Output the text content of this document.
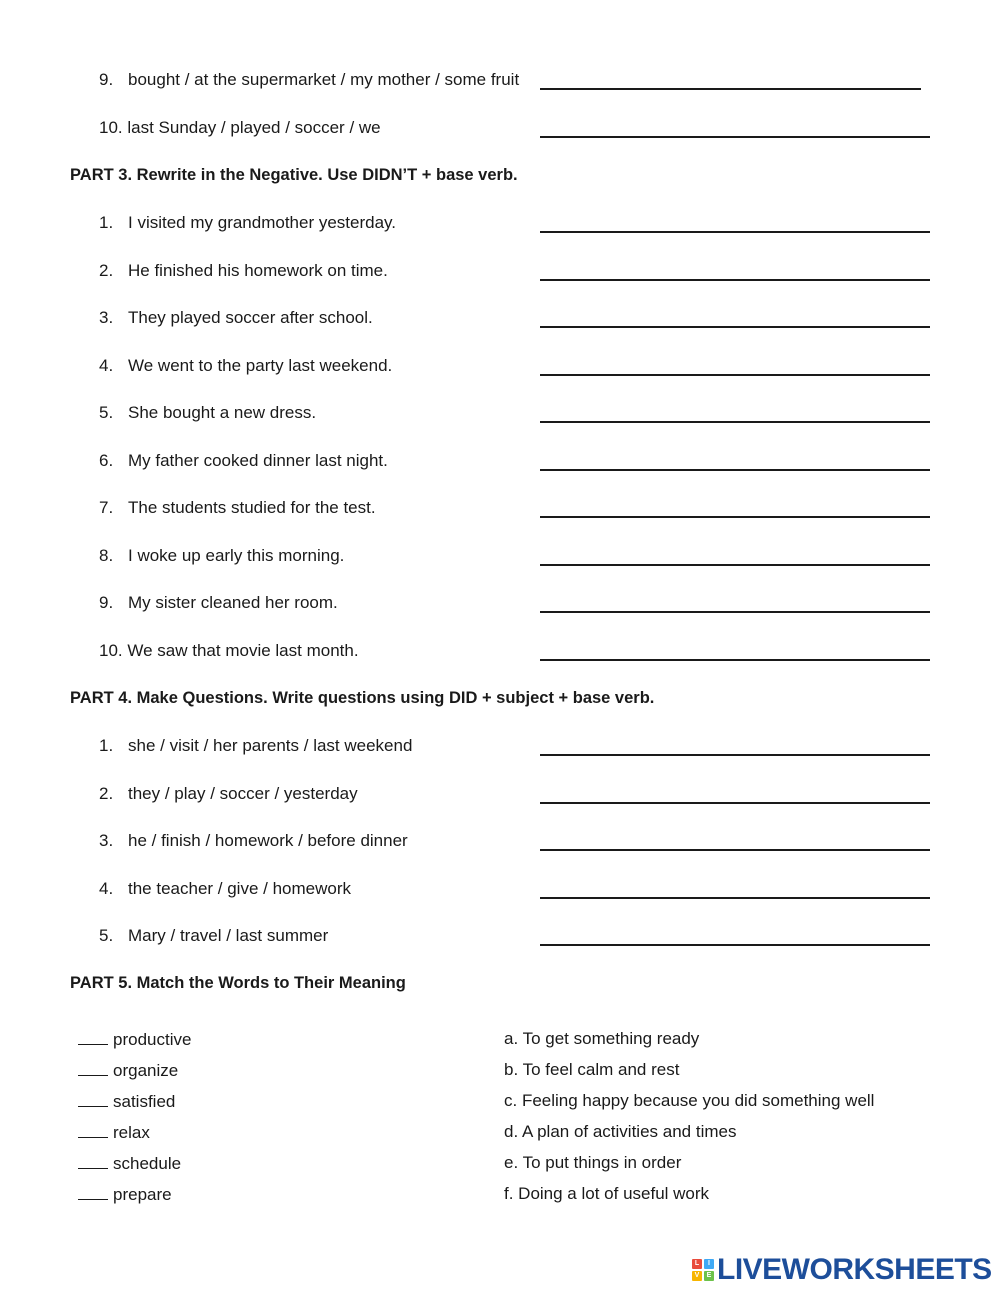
9. bought / at the supermarket / my mother / some fruit
10. last Sunday / played / soccer / we
PART 3. Rewrite in the Negative. Use DIDN’T + base verb.
1. I visited my grandmother yesterday.
2. He finished his homework on time.
3. They played soccer after school.
4. We went to the party last weekend.
5. She bought a new dress.
6. My father cooked dinner last night.
7. The students studied for the test.
8. I woke up early this morning.
9. My sister cleaned her room.
10. We saw that movie last month.
PART 4. Make Questions. Write questions using DID + subject + base verb.
1. she / visit / her parents / last weekend
2. they / play / soccer / yesterday
3. he / finish / homework / before dinner
4. the teacher / give / homework
5. Mary / travel / last summer
PART 5. Match the Words to Their Meaning
productive
organize
satisfied
relax
schedule
prepare
a. To get something ready
b. To feel calm and rest
c. Feeling happy because you did something well
d. A plan of activities and times
e. To put things in order
f. Doing a lot of useful work
L	I
V	E LIVEWORKSHEETS
